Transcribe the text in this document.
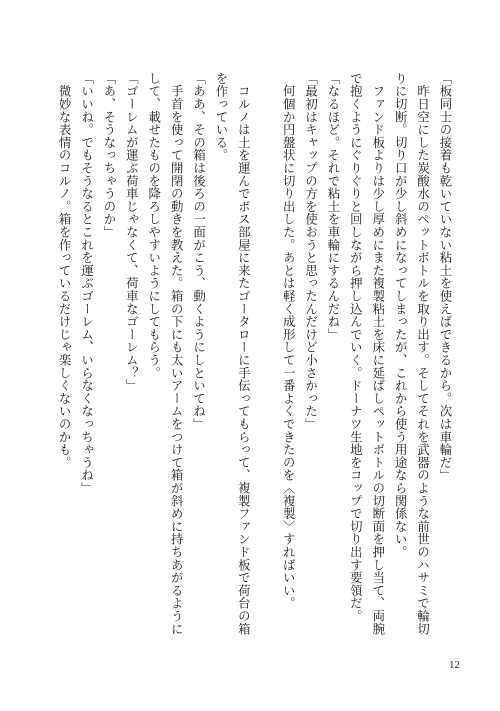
「板同士の接着も乾いていない粘土を使えばできるから。次は車輪だ」
　昨日空にした炭酸水のペットボトルを取り出す。そしてそれを武器のような前世のハサミで輪切
りに切断。切り口が少し斜めになってしまったが、これから使う用途なら関係ない。
　ファンド板よりは少し厚めにまた複製粘土を床に延ばしペットボトルの切断面を押し当て、両腕
で抱くようにぐりぐりと回しながら押し込んでいく。ドーナツ生地をコップで切り出す要領だ。
「なるほど。それで粘土を車輪にするんだね」
「最初はキャップの方を使おうと思ったんだけど小さかった」
　何個か円盤状に切り出した。あとは軽く成形して一番よくできたのを〈複製〉すればいい。
　コルノは土を運んでボス部屋に来たゴータローに手伝ってもらって、複製ファンド板で荷台の箱
を作っている。
「ああ、その箱は後ろの一面がこう、動くようにしといてね」
　手首を使って開閉の動きを教えた。箱の下にも太いアームをつけて箱が斜めに持ちあがるように
して、載せたものを降ろしやすいようにしてもらう。
「ゴーレムが運ぶ荷車じゃなくて、荷車なゴーレム？」
「あ、そうなっちゃうのか」
「いいね。でもそうなるとこれを運ぶゴーレム、いらなくなっちゃうね」
　微妙な表情のコルノ。箱を作っているだけじゃ楽しくないのかも。
12
